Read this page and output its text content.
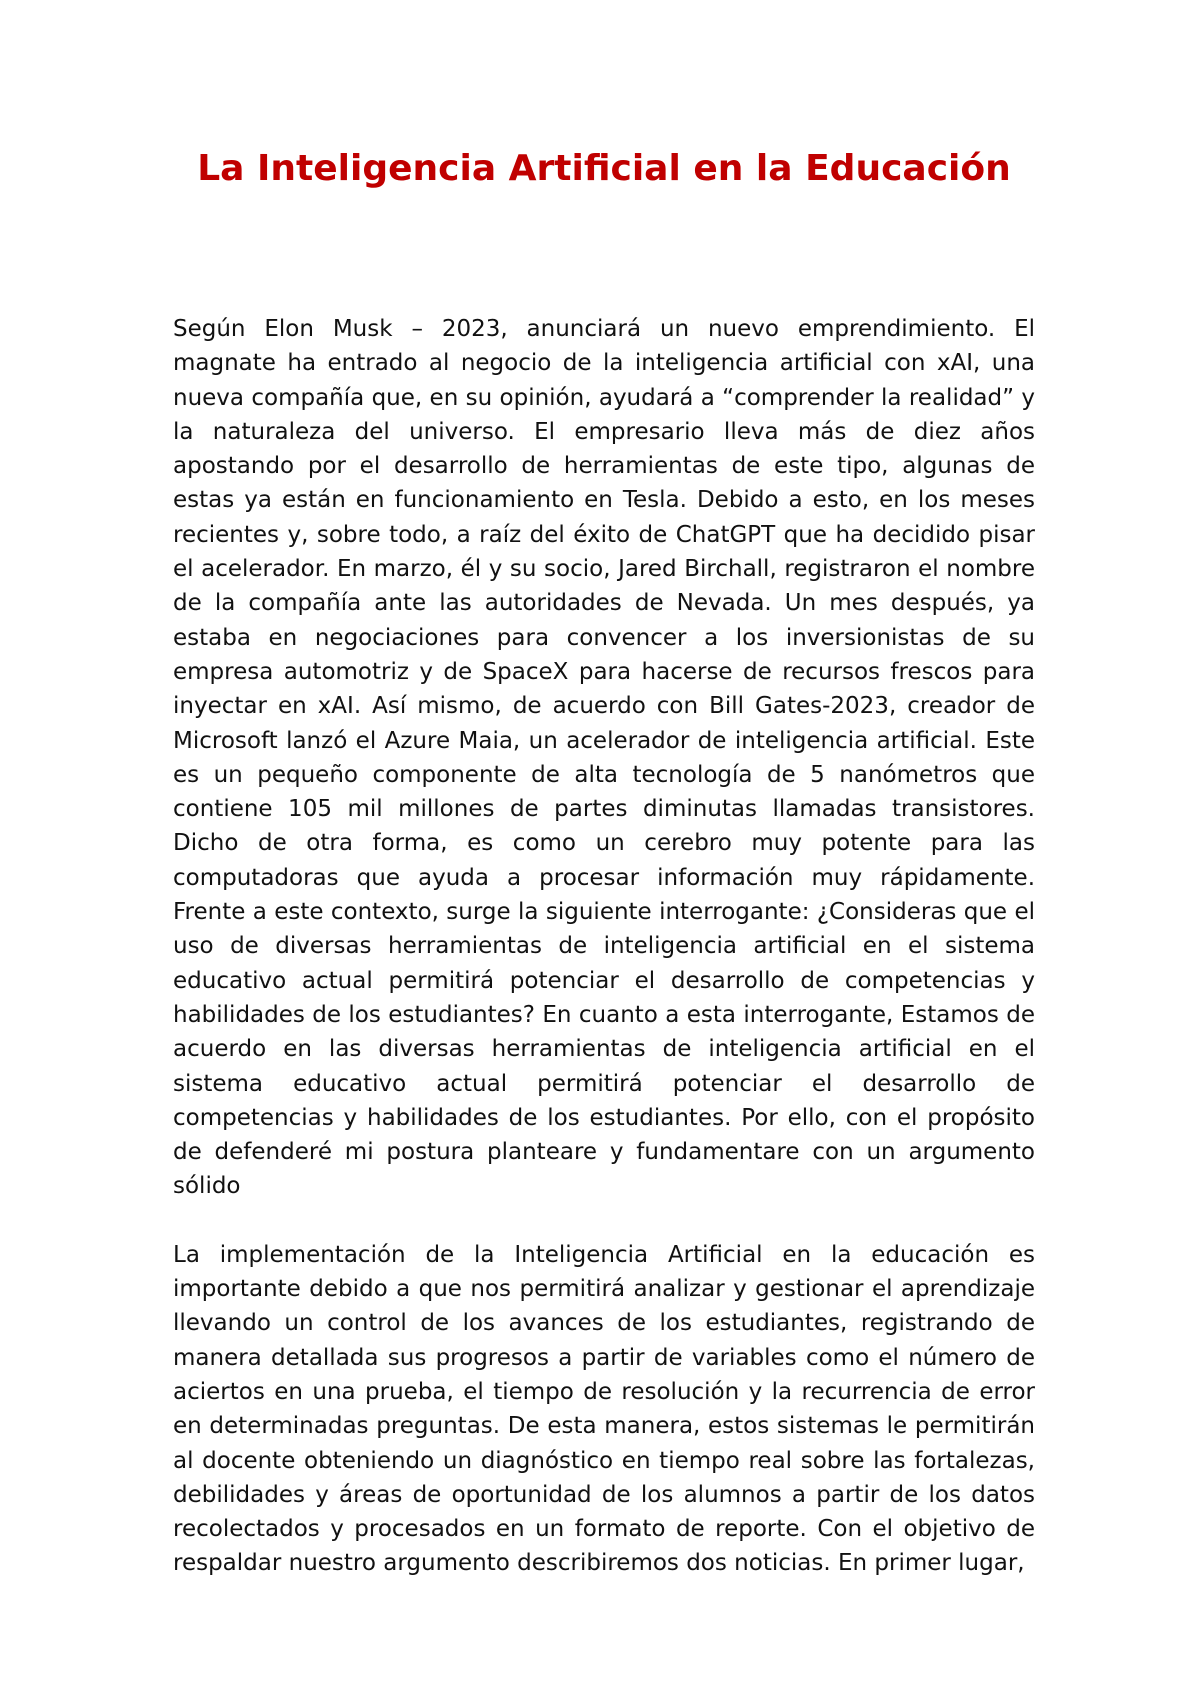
La Inteligencia Artificial en la Educación

Según Elon Musk – 2023, anunciará un nuevo emprendimiento. El magnate ha entrado al negocio de la inteligencia artificial con xAI, una nueva compañía que, en su opinión, ayudará a “comprender la realidad” y la naturaleza del universo. El empresario lleva más de diez años apostando por el desarrollo de herramientas de este tipo, algunas de estas ya están en funcionamiento en Tesla. Debido a esto, en los meses recientes y, sobre todo, a raíz del éxito de ChatGPT que ha decidido pisar el acelerador. En marzo, él y su socio, Jared Birchall, registraron el nombre de la compañía ante las autoridades de Nevada. Un mes después, ya estaba en negociaciones para convencer a los inversionistas de su empresa automotriz y de SpaceX para hacerse de recursos frescos para inyectar en xAI. Así mismo, de acuerdo con Bill Gates-2023, creador de Microsoft lanzó el Azure Maia, un acelerador de inteligencia artificial. Este es un pequeño componente de alta tecnología de 5 nanómetros que contiene 105 mil millones de partes diminutas llamadas transistores. Dicho de otra forma, es como un cerebro muy potente para las computadoras que ayuda a procesar información muy rápidamente. Frente a este contexto, surge la siguiente interrogante: ¿Consideras que el uso de diversas herramientas de inteligencia artificial en el sistema educativo actual permitirá potenciar el desarrollo de competencias y habilidades de los estudiantes? En cuanto a esta interrogante, Estamos de acuerdo en las diversas herramientas de inteligencia artificial en el sistema educativo actual permitirá potenciar el desarrollo de competencias y habilidades de los estudiantes. Por ello, con el propósito de defenderé mi postura planteare y fundamentare con un argumento sólido

La implementación de la Inteligencia Artificial en la educación es importante debido a que nos permitirá analizar y gestionar el aprendizaje llevando un control de los avances de los estudiantes, registrando de manera detallada sus progresos a partir de variables como el número de aciertos en una prueba, el tiempo de resolución y la recurrencia de error en determinadas preguntas. De esta manera, estos sistemas le permitirán al docente obteniendo un diagnóstico en tiempo real sobre las fortalezas, debilidades y áreas de oportunidad de los alumnos a partir de los datos recolectados y procesados en un formato de reporte. Con el objetivo de respaldar nuestro argumento describiremos dos noticias. En primer lugar,
